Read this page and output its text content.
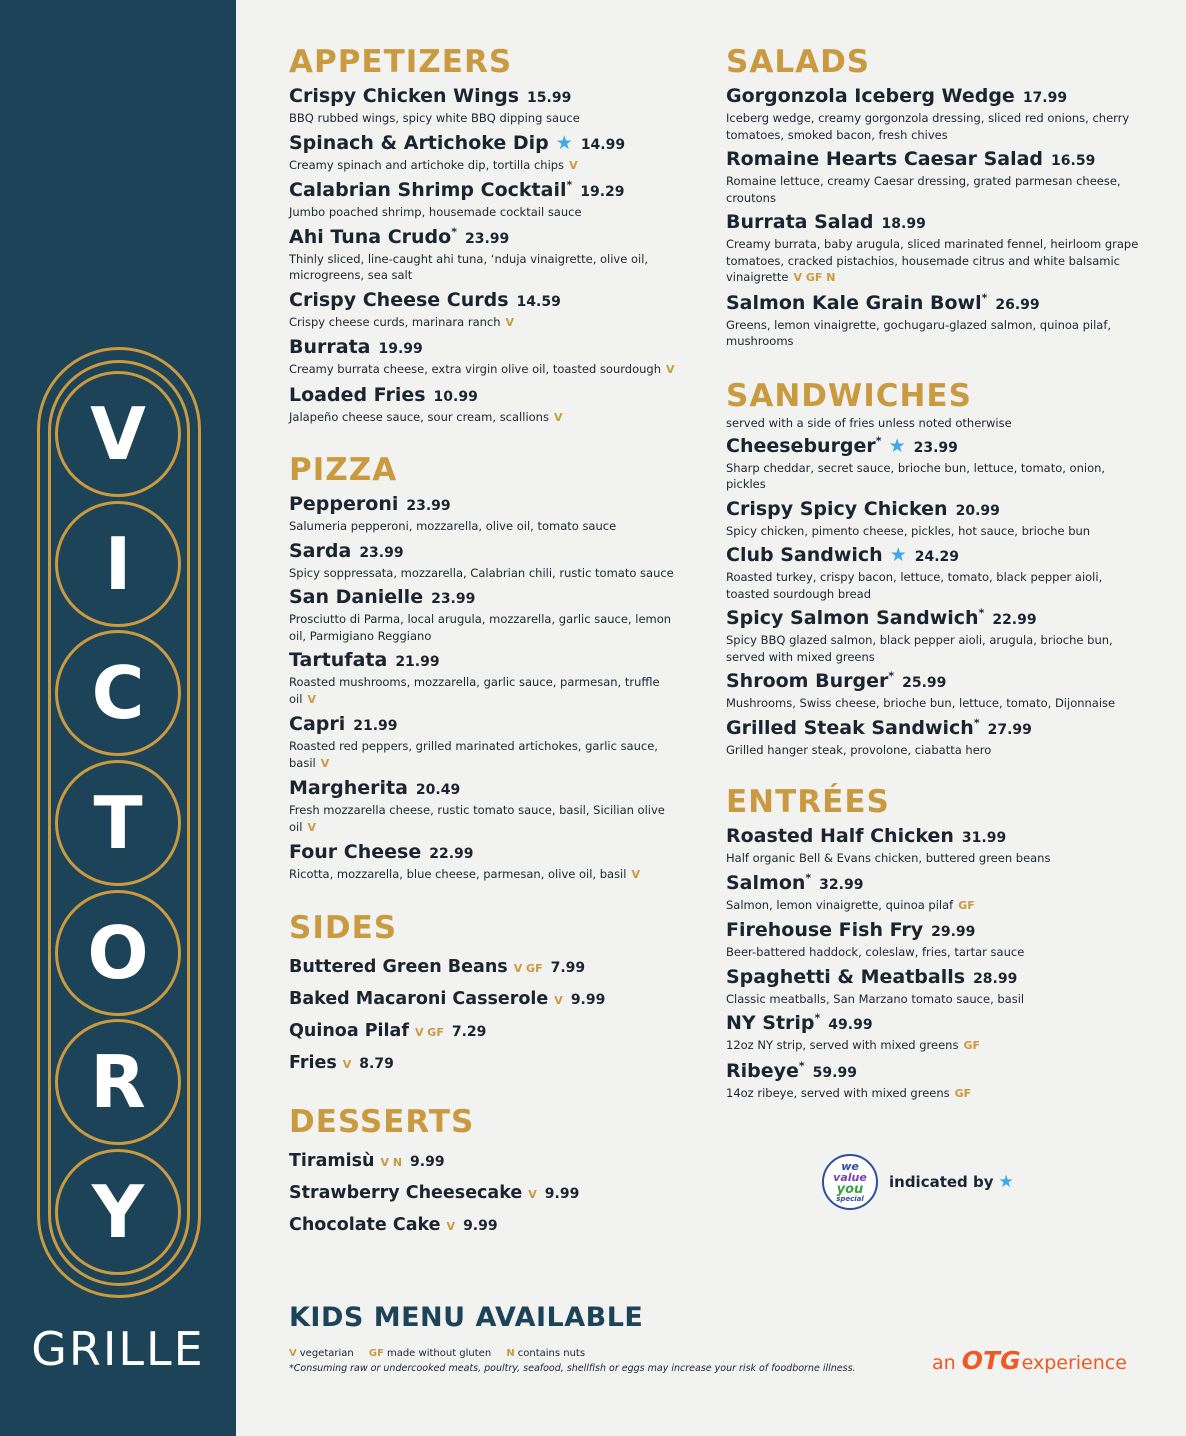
V
I
C
T
O
R
Y
GRILLE
APPETIZERS
Crispy Chicken Wings 15.99
BBQ rubbed wings, spicy white BBQ dipping sauce
Spinach & Artichoke Dip ★ 14.99
Creamy spinach and artichoke dip, tortilla chips V
Calabrian Shrimp Cocktail* 19.29
Jumbo poached shrimp, housemade cocktail sauce
Ahi Tuna Crudo* 23.99
Thinly sliced, line-caught ahi tuna, ‘nduja vinaigrette, olive oil, microgreens, sea salt
Crispy Cheese Curds 14.59
Crispy cheese curds, marinara ranch V
Burrata 19.99
Creamy burrata cheese, extra virgin olive oil, toasted sourdough V
Loaded Fries 10.99
Jalapeño cheese sauce, sour cream, scallions V
PIZZA
Pepperoni 23.99
Salumeria pepperoni, mozzarella, olive oil, tomato sauce
Sarda 23.99
Spicy soppressata, mozzarella, Calabrian chili, rustic tomato sauce
San Danielle 23.99
Prosciutto di Parma, local arugula, mozzarella, garlic sauce, lemon oil, Parmigiano Reggiano
Tartufata 21.99
Roasted mushrooms, mozzarella, garlic sauce, parmesan, truffle oil V
Capri 21.99
Roasted red peppers, grilled marinated artichokes, garlic sauce, basil V
Margherita 20.49
Fresh mozzarella cheese, rustic tomato sauce, basil, Sicilian olive oil V
Four Cheese 22.99
Ricotta, mozzarella, blue cheese, parmesan, olive oil, basil V
SIDES
Buttered Green Beans V GF 7.99
Baked Macaroni Casserole V 9.99
Quinoa Pilaf V GF 7.29
Fries V 8.79
DESSERTS
Tiramisù V N 9.99
Strawberry Cheesecake V 9.99
Chocolate Cake V 9.99
SALADS
Gorgonzola Iceberg Wedge 17.99
Iceberg wedge, creamy gorgonzola dressing, sliced red onions, cherry tomatoes, smoked bacon, fresh chives
Romaine Hearts Caesar Salad 16.59
Romaine lettuce, creamy Caesar dressing, grated parmesan cheese, croutons
Burrata Salad 18.99
Creamy burrata, baby arugula, sliced marinated fennel, heirloom grape tomatoes, cracked pistachios, housemade citrus and white balsamic vinaigrette V GF N
Salmon Kale Grain Bowl* 26.99
Greens, lemon vinaigrette, gochugaru-glazed salmon, quinoa pilaf, mushrooms
SANDWICHES
served with a side of fries unless noted otherwise
Cheeseburger* ★ 23.99
Sharp cheddar, secret sauce, brioche bun, lettuce, tomato, onion, pickles
Crispy Spicy Chicken 20.99
Spicy chicken, pimento cheese, pickles, hot sauce, brioche bun
Club Sandwich ★ 24.29
Roasted turkey, crispy bacon, lettuce, tomato, black pepper aioli, toasted sourdough bread
Spicy Salmon Sandwich* 22.99
Spicy BBQ glazed salmon, black pepper aioli, arugula, brioche bun, served with mixed greens
Shroom Burger* 25.99
Mushrooms, Swiss cheese, brioche bun, lettuce, tomato, Dijonnaise
Grilled Steak Sandwich* 27.99
Grilled hanger steak, provolone, ciabatta hero
ENTRÉES
Roasted Half Chicken 31.99
Half organic Bell & Evans chicken, buttered green beans
Salmon* 32.99
Salmon, lemon vinaigrette, quinoa pilaf GF
Firehouse Fish Fry 29.99
Beer-battered haddock, coleslaw, fries, tartar sauce
Spaghetti & Meatballs 28.99
Classic meatballs, San Marzano tomato sauce, basil
NY Strip* 49.99
12oz NY strip, served with mixed greens GF
Ribeye* 59.99
14oz ribeye, served with mixed greens GF
we
value
you
special
indicated by ★
KIDS MENU AVAILABLE
V vegetarian GF made without gluten N contains nuts
*Consuming raw or undercooked meats, poultry, seafood, shellfish or eggs may increase your risk of foodborne illness.	an OTGexperience
